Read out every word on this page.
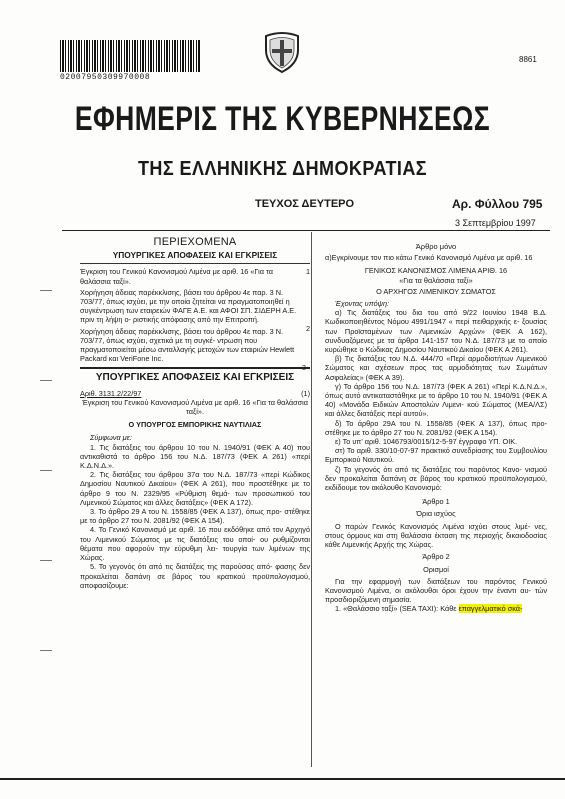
02007950309970008
8861
ΕΦΗΜΕΡΙΣ ΤΗΣ ΚΥΒΕΡΝΗΣΕΩΣ
ΤΗΣ ΕΛΛΗΝΙΚΗΣ ΔΗΜΟΚΡΑΤΙΑΣ
ΤΕΥΧΟΣ ΔΕΥΤΕΡΟ	Αρ. Φύλλου 795
3 Σεπτεμβρίου 1997

ΠΕΡΙΕΧΟΜΕΝΑ

ΥΠΟΥΡΓΙΚΕΣ ΑΠΟΦΑΣΕΙΣ ΚΑΙ ΕΓΚΡΙΣΕΙΣ

1

Έγκριση του Γενικού Κανονισμού Λιμένα με αριθ. 16 «Για τα θαλάσσια ταξί».

2

Χορήγηση άδειας παρέκκλισης, βάσει του άρθρου 4ε παρ. 3 Ν. 703/77, όπως ισχύει, με την οποία ζητείται να πραγματοποιηθεί η συγκέντρωση των εταιρειών ΦΑΓΕ Α.Ε. και ΑΦΟΙ ΣΠ. ΣΙΔΕΡΗ Α.Ε. πριν τη λήψη ο- ριστικής απόφασης από την Επιτροπή.

3

Χορήγηση άδειας παρέκκλισης, βάσει του άρθρου 4ε παρ. 3 Ν. 703/77, όπως ισχύει, σχετικά με τη συγκέ- ντρωση που πραγματοποιείται μέσω ανταλλαγής μετοχών των εταιριών Hewlett Packard και VeriFone Inc.

ΥΠΟΥΡΓΙΚΕΣ ΑΠΟΦΑΣΕΙΣ ΚΑΙ ΕΓΚΡΙΣΕΙΣ

(1)

Αριθ. 3131.2/22/97

Έγκριση του Γενικού Κανονισμού Λιμένα με αριθ. 16 «Για τα θαλάσσια ταξί».

Ο ΥΠΟΥΡΓΟΣ ΕΜΠΟΡΙΚΗΣ ΝΑΥΤΙΛΙΑΣ

Σύμφωνα με:

1. Τις διατάξεις του άρθρου 10 του Ν. 1940/91 (ΦΕΚ Α 40) που αντικαθιστά το άρθρο 156 του Ν.Δ. 187/73 (ΦΕΚ Α 261) «περί Κ.Δ.Ν.Δ.».

2. Τις διατάξεις του άρθρου 37α του Ν.Δ. 187/73 «περί Κώδικος Δημοσίου Ναυτικού Δικαίου» (ΦΕΚ Α 261), που προστέθηκε με το άρθρο 9 του Ν. 2329/95 «Ρύθμιση θεμά- των προσωπικού του Λιμενικού Σώματος και άλλες διατάξεις» (ΦΕΚ Α 172).

3. Το άρθρο 29 Α του Ν. 1558/85 (ΦΕΚ Α 137), όπως προ- στέθηκε με το άρθρο 27 του Ν. 2081/92 (ΦΕΚ Α 154).

4. Το Γενικό Κανονισμό με αριθ. 16 που εκδόθηκε από τον Αρχηγό του Λιμενικού Σώματος με τις διατάξεις του οποί- ου ρυθμίζονται θέματα που αφορούν την εύρυθμη λει- τουργία των λιμένων της Χώρας.

5. Το γεγονός ότι από τις διατάξεις της παρούσας από- φασης δεν προκαλείται δαπάνη σε βάρος του κρατικού προϋπολογισμού, αποφασίζουμε:

Άρθρο μόνο

α)Εγκρίνουμε τον πιο κάτω Γενικό Κανονισμό Λιμένα με αριθ. 16

ΓΕΝΙΚΟΣ ΚΑΝΟΝΙΣΜΟΣ ΛΙΜΕΝΑ ΑΡΙΘ. 16

«Για τα θαλάσσια ταξί»

Ο ΑΡΧΗΓΟΣ ΛΙΜΕΝΙΚΟΥ ΣΩΜΑΤΟΣ

Έχοντας υπόψη:

α) Τις διατάξεις του δια του από 9/22 Ιουνίου 1948 Β.Δ. Κωδικοποιηθέντος Νόμου 4991/1947 « περί πειθαρχικής ε- ξουσίας των Προϊσταμένων των Λιμενικών Αρχών» (ΦΕΚ Α 162), συνδυαζόμενες με τα άρθρα 141-157 του Ν.Δ. 187/73 με το οποίο κυρώθηκε ο Κώδικας Δημοσίου Ναυτικού Δικαίου (ΦΕΚ Α 261).

β) Τις διατάξεις του Ν.Δ. 444/70 «Περί αρμοδιοτήτων Λιμενικού Σώματος και σχέσεων προς τας αρμοδιότητας των Σωμάτων Ασφαλείας» (ΦΕΚ Α 39).

γ) Το άρθρο 156 του Ν.Δ. 187/73 (ΦΕΚ Α 261) «Περί Κ.Δ.Ν.Δ.», όπως αυτό αντικαταστάθηκε με το άρθρο 10 του Ν. 1940/91 (ΦΕΚ Α 40) «Μονάδα Ειδικών Αποστολών Λιμενι- κού Σώματος (ΜΕΑ/ΛΣ) και άλλες διατάξεις περί αυτού».

δ) Το άρθρο 29Α του Ν. 1558/85 (ΦΕΚ Α 137), όπως προ- στέθηκε με το άρθρο 27 του Ν. 2081/92 (ΦΕΚ Α 154).

ε) Το υπ' αριθ. 1046793/0015/12-5-97 έγγραφο ΥΠ. ΟΙΚ.

στ) Το αριθ. 330/10-07-97 πρακτικό συνεδρίασης του Συμβουλίου Εμπορικού Ναυτικού.

ζ) Το γεγονός ότι από τις διατάξεις του παρόντος Κανο- νισμού δεν προκαλείται δαπάνη σε βάρος του κρατικού προϋπολογισμού, εκδίδουμε τον ακόλουθο Κανονισμό:

Άρθρο 1

Όρια ισχύος

Ο παρών Γενικός Κανονισμός Λιμένα ισχύει στους λιμέ- νες, στους όρμους και στη θαλάσσια έκταση της περιοχής δικαιοδοσίας κάθε Λιμενικής Αρχής της Χώρας.

Άρθρο 2

Ορισμοί

Για την εφαρμογή των διατάξεων του παρόντος Γενικού Κανονισμού Λιμένα, οι ακόλουθοι όροι έχουν την έναντι αυ- τών προσδιοριζόμενη σημασία.

1. «Θαλάσσιο ταξί» (SEA TAXI): Κάθε επαγγελματικό σκά-
